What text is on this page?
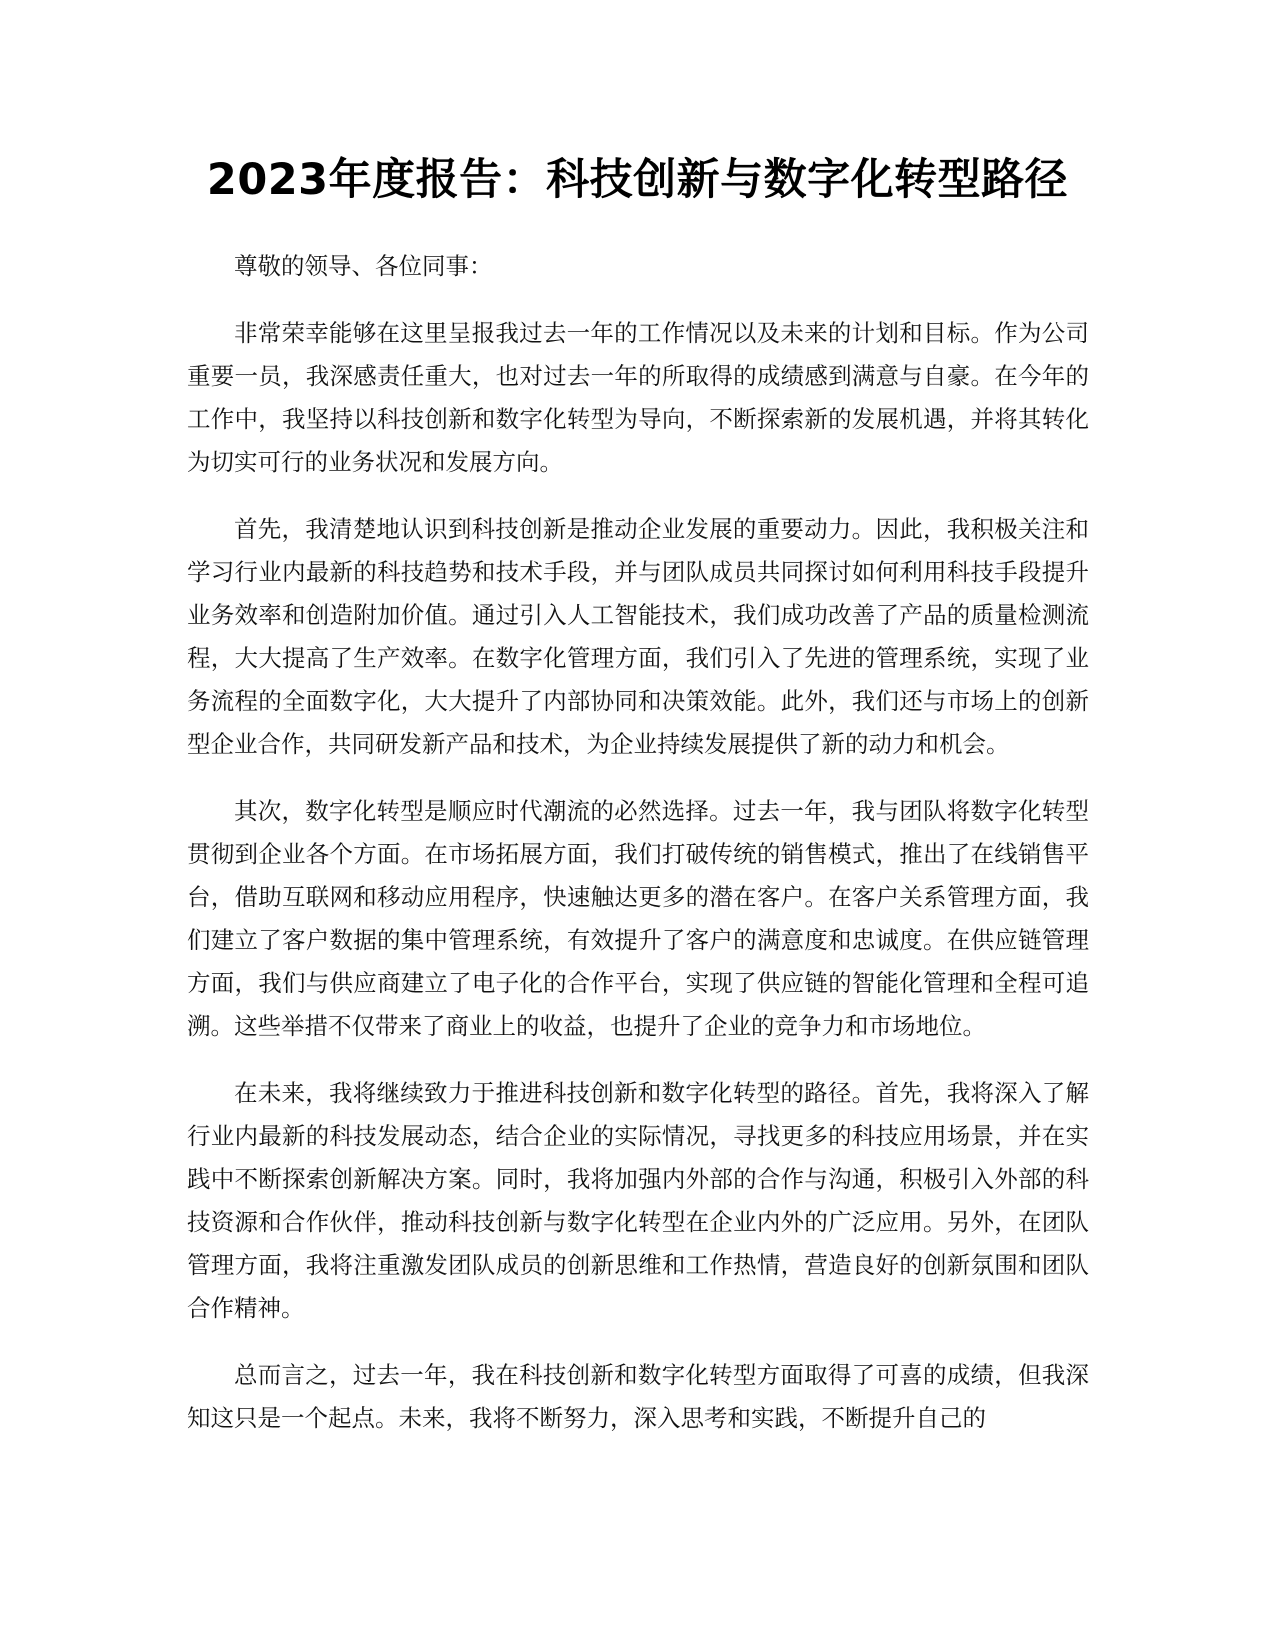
2023年度报告：科技创新与数字化转型路径

尊敬的领导、各位同事：

非常荣幸能够在这里呈报我过去一年的工作情况以及未来的计划和目标。作为公司重要一员，我深感责任重大，也对过去一年的所取得的成绩感到满意与自豪。在今年的工作中，我坚持以科技创新和数字化转型为导向，不断探索新的发展机遇，并将其转化为切实可行的业务状况和发展方向。

首先，我清楚地认识到科技创新是推动企业发展的重要动力。因此，我积极关注和学习行业内最新的科技趋势和技术手段，并与团队成员共同探讨如何利用科技手段提升业务效率和创造附加价值。通过引入人工智能技术，我们成功改善了产品的质量检测流程，大大提高了生产效率。在数字化管理方面，我们引入了先进的管理系统，实现了业务流程的全面数字化，大大提升了内部协同和决策效能。此外，我们还与市场上的创新型企业合作，共同研发新产品和技术，为企业持续发展提供了新的动力和机会。

其次，数字化转型是顺应时代潮流的必然选择。过去一年，我与团队将数字化转型贯彻到企业各个方面。在市场拓展方面，我们打破传统的销售模式，推出了在线销售平台，借助互联网和移动应用程序，快速触达更多的潜在客户。在客户关系管理方面，我们建立了客户数据的集中管理系统，有效提升了客户的满意度和忠诚度。在供应链管理方面，我们与供应商建立了电子化的合作平台，实现了供应链的智能化管理和全程可追溯。这些举措不仅带来了商业上的收益，也提升了企业的竞争力和市场地位。

在未来，我将继续致力于推进科技创新和数字化转型的路径。首先，我将深入了解行业内最新的科技发展动态，结合企业的实际情况，寻找更多的科技应用场景，并在实践中不断探索创新解决方案。同时，我将加强内外部的合作与沟通，积极引入外部的科技资源和合作伙伴，推动科技创新与数字化转型在企业内外的广泛应用。另外，在团队管理方面，我将注重激发团队成员的创新思维和工作热情，营造良好的创新氛围和团队合作精神。

总而言之，过去一年，我在科技创新和数字化转型方面取得了可喜的成绩，但我深知这只是一个起点。未来，我将不断努力，深入思考和实践，不断提升自己的
